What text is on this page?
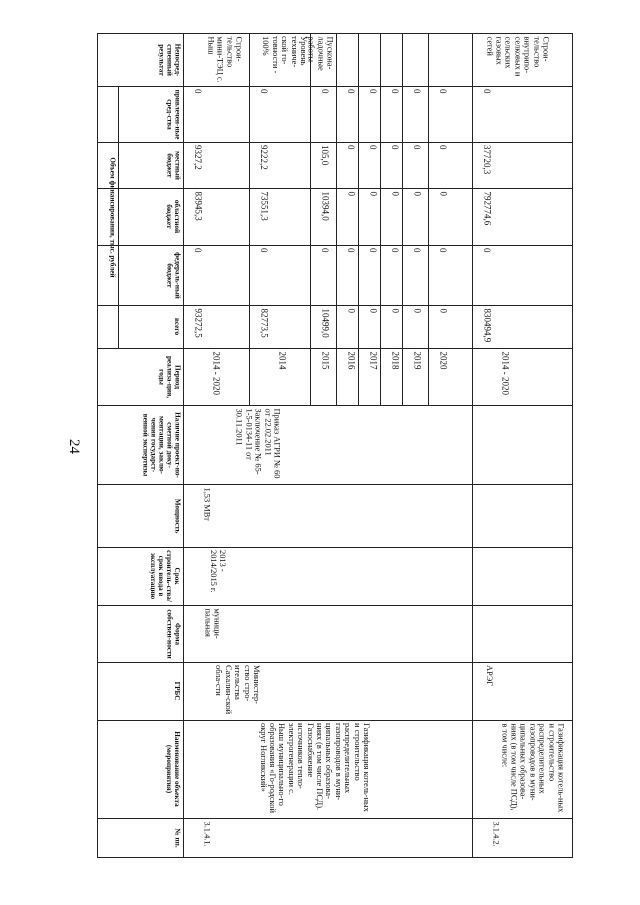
24
№ пп.
Наименование объекта (мероприятия)
ГРБС
Форма собствен-ности
Срок строитель-ства/срок ввода в эксплуатацию
Мощность
Наличие проект-но-сметной доку-ментации, заклю-чения государст-венной экспертизы
Период реализа-ции, годы
Объем финансирования, тыс. рублей
всего
федераль-ный бюджет
областной бюджет
местный бюджет
привлечен-ные сред-ства
Непосред-ственный результат
3.1.4.1.
Газификация котель-ных и строительство распределительных газопроводов в муни-ципальных образова-ниях (в том числе ПСД). Газоснабжение источников тепло-электрогенерации с. Ныш муниципально-го образования «Го-родской округ Ногликский»
Министер-ство стро-ительства Сахалин-ской обла-сти
муници-пальная
2013 - 2014/2015 г.
1,53 МВт
Приказ АГРИ № 60 от 22.02.2011 Заключение № 65-1-5-0134-11 от 30.11.2011
2014 - 2020
93272,5
0
83945,3
9327,2
0
Строи-тельство мини-ТЭЦ с. Ныш
2014
82773,5
0
73551,3
9222,2
0
Уровень техниче-ской го-товности - 100%
2015
10499,0
0
10394,0
105,0
0
Пускона-ладочные работы
2016
0
0
0
0
0
2017
0
0
0
0
0
2018
0
0
0
0
0
2019
0
0
0
0
0
2020
0
0
0
0
0
3.1.4.2.
Газификация котель-ных и строительство распределительных газопроводов в муни-ципальных образова-ниях (в том числе ПСД), в том числе:
АРЭГ
2014 - 2020
830494,9
0
792774,6
37720,3
0
Строи-тельство внутрипо-селковых и сельских газовых сетей
